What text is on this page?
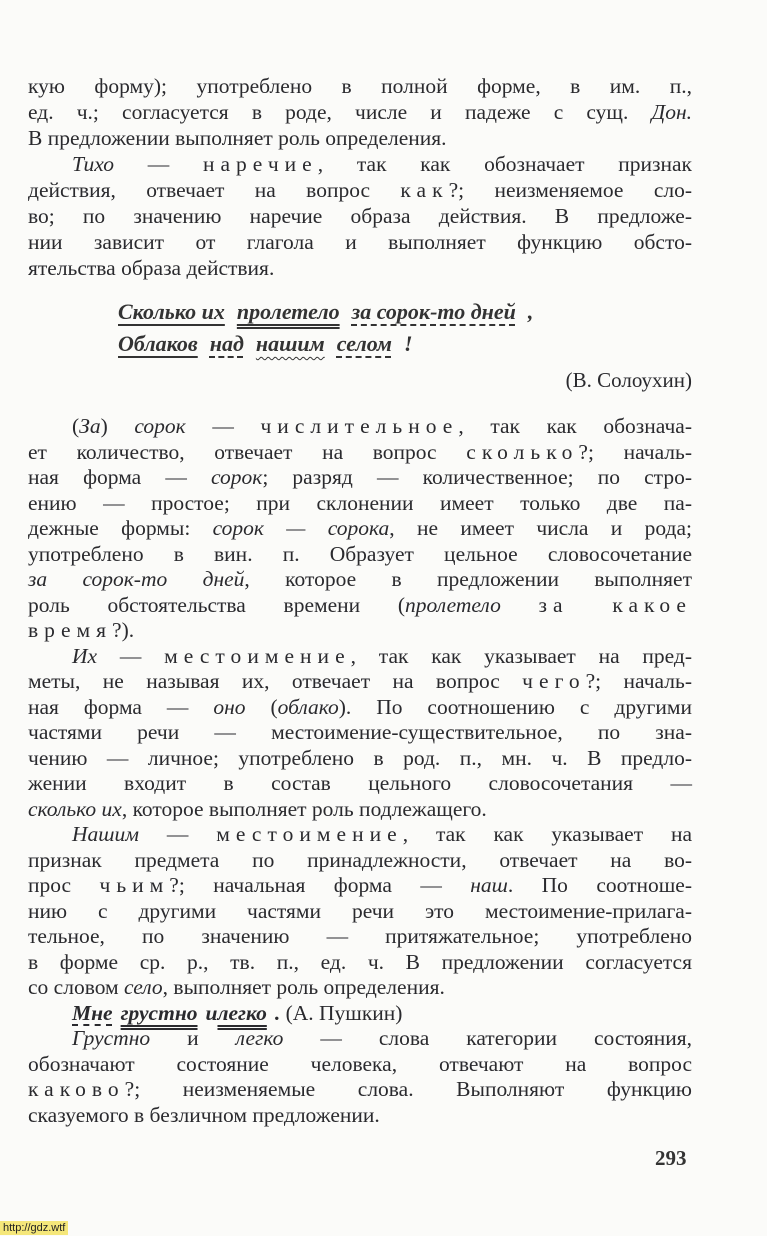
кую форму); употреблено в полной форме, в им. п.,
ед. ч.; согласуется в роде, числе и падеже с сущ. Дон.
В предложении выполняет роль определения.
Тихо — наречие, так как обозначает признак
действия, отвечает на вопрос как?; неизменяемое сло-
во; по значению наречие образа действия. В предложе-
нии зависит от глагола и выполняет функцию обсто-
ятельства образа действия.
Сколько их пролетело за сорок-то дней ,
Облаков над нашим селом !
(В. Солоухин)
(За) сорок — числительное, так как обознача-
ет количество, отвечает на вопрос сколько?; началь-
ная форма — сорок; разряд — количественное; по стро-
ению — простое; при склонении имеет только две па-
дежные формы: сорок — сорока, не имеет числа и рода;
употреблено в вин. п. Образует цельное словосочетание
за сорок-то дней, которое в предложении выполняет
роль обстоятельства времени (пролетело за какое
время?).
Их — местоимение, так как указывает на пред-
меты, не называя их, отвечает на вопрос чего?; началь-
ная форма — оно (облако). По соотношению с другими
частями речи — местоимение-существительное, по зна-
чению — личное; употреблено в род. п., мн. ч. В предло-
жении входит в состав цельного словосочетания —
сколько их, которое выполняет роль подлежащего.
Нашим — местоимение, так как указывает на
признак предмета по принадлежности, отвечает на во-
прос чьим?; начальная форма — наш. По соотноше-
нию с другими частями речи это местоимение-прилага-
тельное, по значению — притяжательное; употреблено
в форме ср. р., тв. п., ед. ч. В предложении согласуется
со словом село, выполняет роль определения.
Мне грустно илегко . (А. Пушкин)
Грустно и легко — слова категории состояния,
обозначают состояние человека, отвечают на вопрос
каково?; неизменяемые слова. Выполняют функцию
сказуемого в безличном предложении.
293
http://gdz.wtf
